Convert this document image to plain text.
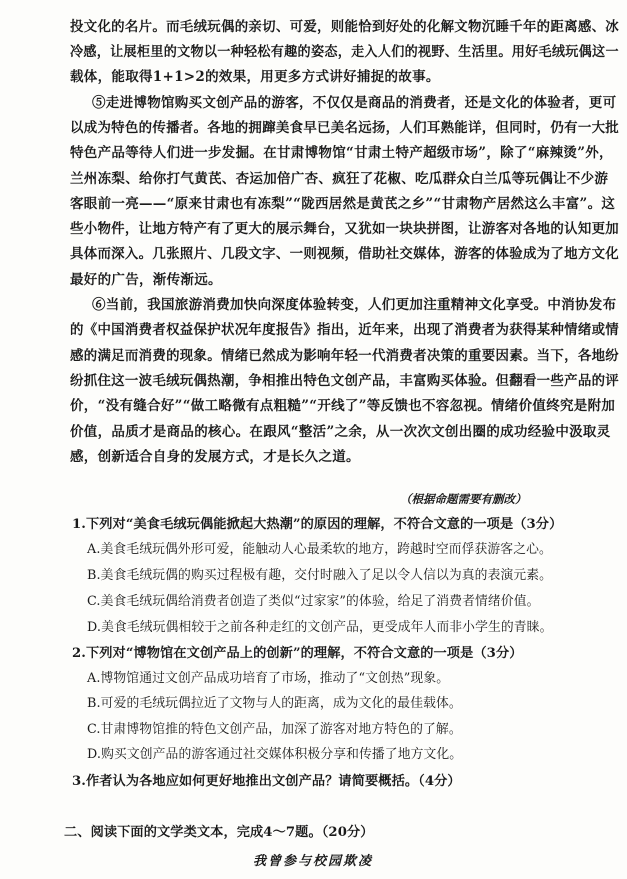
投文化的名片。而毛绒玩偶的亲切、可爱，则能恰到好处的化解文物沉睡千年的距离感、冰
冷感，让展柜里的文物以一种轻松有趣的姿态，走入人们的视野、生活里。用好毛绒玩偶这一
载体，能取得1+1>2的效果，用更多方式讲好捕捉的故事。
⑤走进博物馆购买文创产品的游客，不仅仅是商品的消费者，还是文化的体验者，更可
以成为特色的传播者。各地的拥蹿美食早已美名远扬，人们耳熟能详，但同时，仍有一大批
特色产品等待人们进一步发掘。在甘肃博物馆“甘肃土特产超级市场”，除了“麻辣烫”外，
兰州冻梨、给你打气黄芪、杏运加倍广杏、疯狂了花椒、吃瓜群众白兰瓜等玩偶让不少游
客眼前一亮——“原来甘肃也有冻梨”“陇西居然是黄芪之乡”“甘肃物产居然这么丰富”。这
些小物件，让地方特产有了更大的展示舞台，又犹如一块块拼图，让游客对各地的认知更加
具体而深入。几张照片、几段文字、一则视频，借助社交媒体，游客的体验成为了地方文化
最好的广告，渐传渐远。
⑥当前，我国旅游消费加快向深度体验转变，人们更加注重精神文化享受。中消协发布
的《中国消费者权益保护状况年度报告》指出，近年来，出现了消费者为获得某种情绪或情
感的满足而消费的现象。情绪已然成为影响年轻一代消费者决策的重要因素。当下，各地纷
纷抓住这一波毛绒玩偶热潮，争相推出特色文创产品，丰富购买体验。但翻看一些产品的评
价，“没有缝合好”“做工略微有点粗糙”“开线了”等反馈也不容忽视。情绪价值终究是附加
价值，品质才是商品的核心。在跟风“整活”之余，从一次次文创出圈的成功经验中汲取灵
感，创新适合自身的发展方式，才是长久之道。
（根据命题需要有删改）
1.下列对“美食毛绒玩偶能掀起大热潮”的原因的理解，不符合文意的一项是（3分）
A.美食毛绒玩偶外形可爱，能触动人心最柔软的地方，跨越时空而俘获游客之心。
B.美食毛绒玩偶的购买过程极有趣，交付时融入了足以令人信以为真的表演元素。
C.美食毛绒玩偶给消费者创造了类似“过家家”的体验，给足了消费者情绪价值。
D.美食毛绒玩偶相较于之前各种走红的文创产品，更受成年人而非小学生的青睐。
2.下列对“博物馆在文创产品上的创新”的理解，不符合文意的一项是（3分）
A.博物馆通过文创产品成功培育了市场，推动了“文创热”现象。
B.可爱的毛绒玩偶拉近了文物与人的距离，成为文化的最佳载体。
C.甘肃博物馆推的特色文创产品，加深了游客对地方特色的了解。
D.购买文创产品的游客通过社交媒体积极分享和传播了地方文化。
3.作者认为各地应如何更好地推出文创产品？请简要概括。（4分）
二、阅读下面的文学类文本，完成4～7题。（20分）
我曾参与校园欺凌
